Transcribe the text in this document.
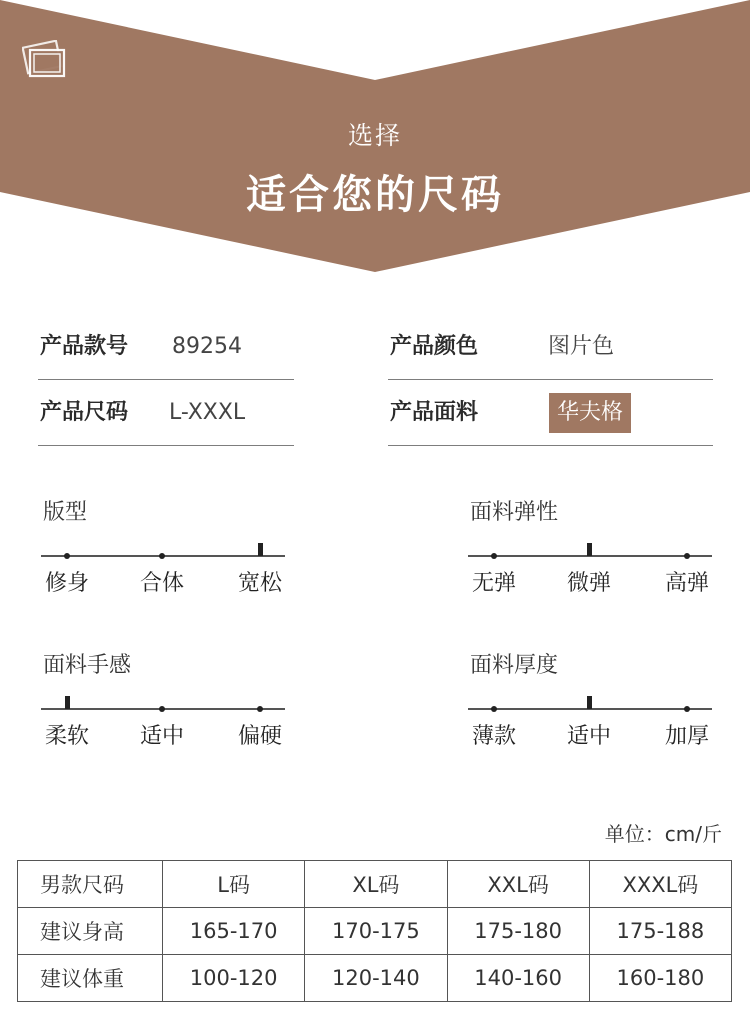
选择
适合您的尺码
产品款号 89254	产品颜色	图片色
产品尺码 L-XXXL	产品面料	华夫格
版型
修身 合体 宽松
面料弹性
无弹 微弹 高弹
面料手感
柔软 适中 偏硬
面料厚度
薄款 适中 加厚
单位：cm/斤
男款尺码	L码	XL码	XXL码	XXXL码
建议身高	165-170	170-175	175-180	175-188
建议体重	100-120	120-140	140-160	160-180
